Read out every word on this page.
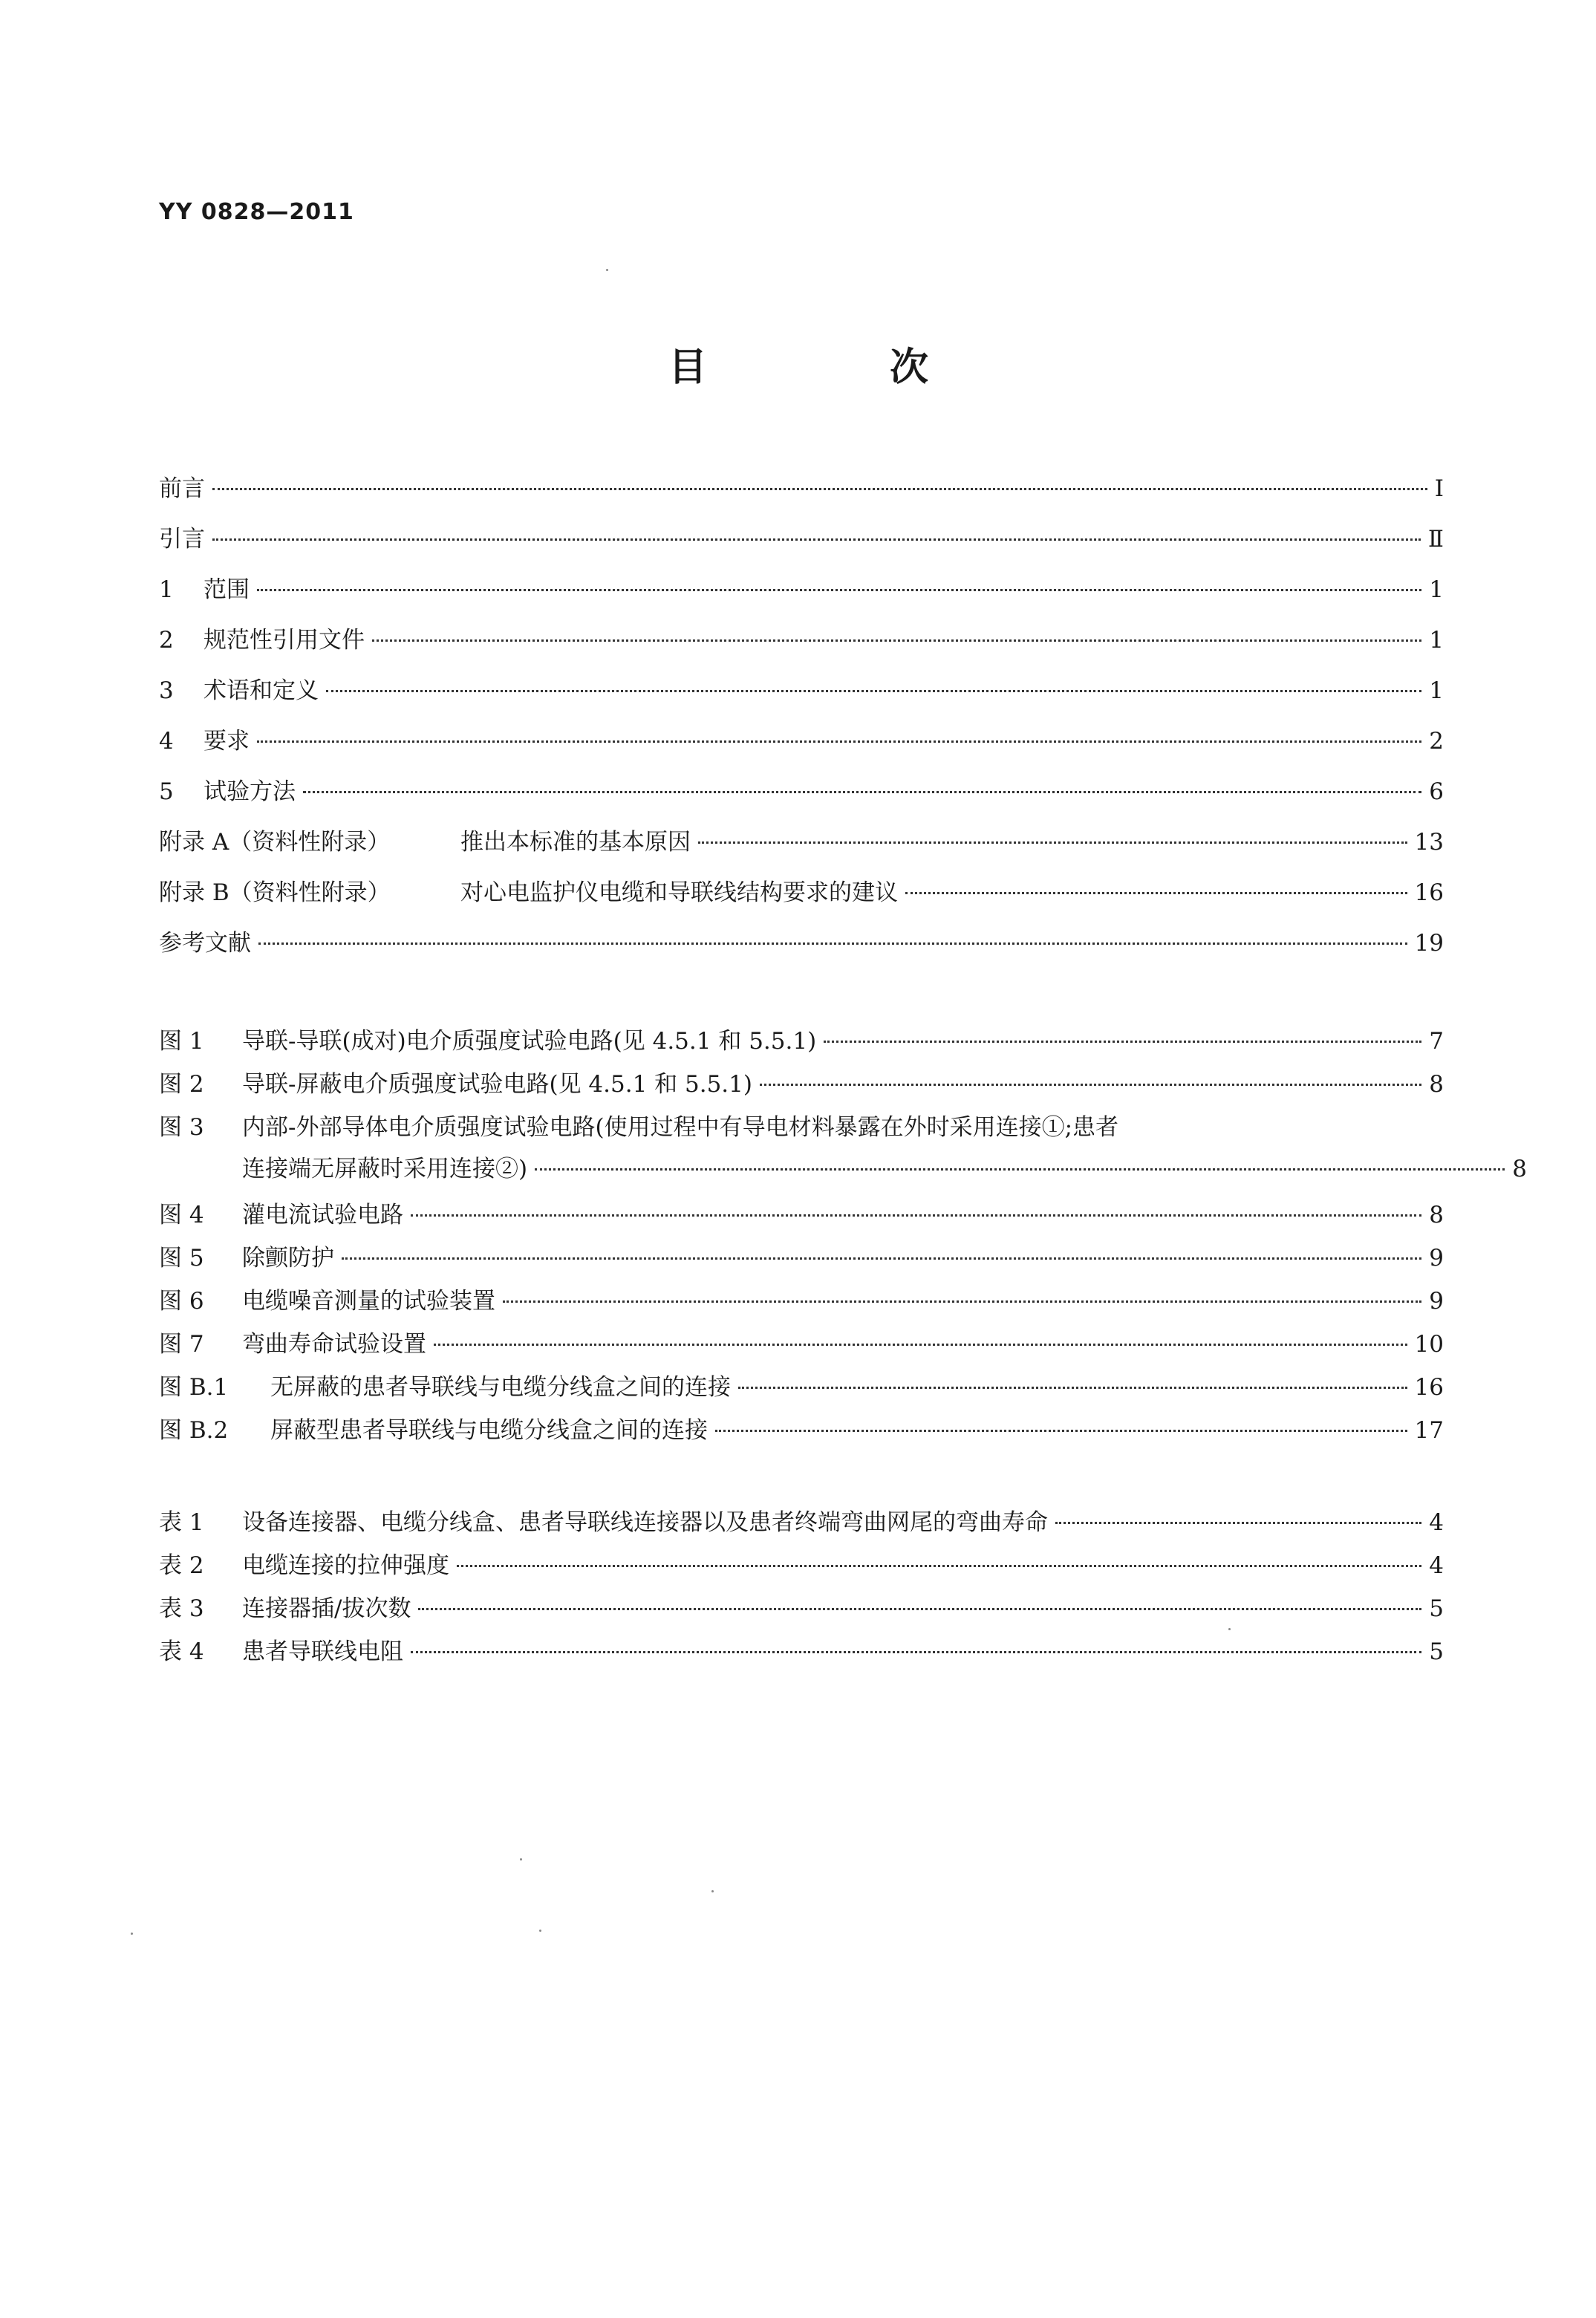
YY 0828—2011
目	次
前言	Ⅰ
引言	Ⅱ
1	范围	1
2	规范性引用文件	1
3	术语和定义	1
4	要求	2
5	试验方法	6
附录 A（资料性附录）	推出本标准的基本原因	13
附录 B（资料性附录）	对心电监护仪电缆和导联线结构要求的建议	16
参考文献	19
图 1	导联-导联(成对)电介质强度试验电路(见 4.5.1 和 5.5.1)	7
图 2	导联-屏蔽电介质强度试验电路(见 4.5.1 和 5.5.1)	8
图 3	内部-外部导体电介质强度试验电路(使用过程中有导电材料暴露在外时采用连接①;患者
连接端无屏蔽时采用连接②)	8
图 4	灌电流试验电路	8
图 5	除颤防护	9
图 6	电缆噪音测量的试验装置	9
图 7	弯曲寿命试验设置	10
图 B.1	无屏蔽的患者导联线与电缆分线盒之间的连接	16
图 B.2	屏蔽型患者导联线与电缆分线盒之间的连接	17
表 1	设备连接器、电缆分线盒、患者导联线连接器以及患者终端弯曲网尾的弯曲寿命	4
表 2	电缆连接的拉伸强度	4
表 3	连接器插/拔次数	5
表 4	患者导联线电阻	5
